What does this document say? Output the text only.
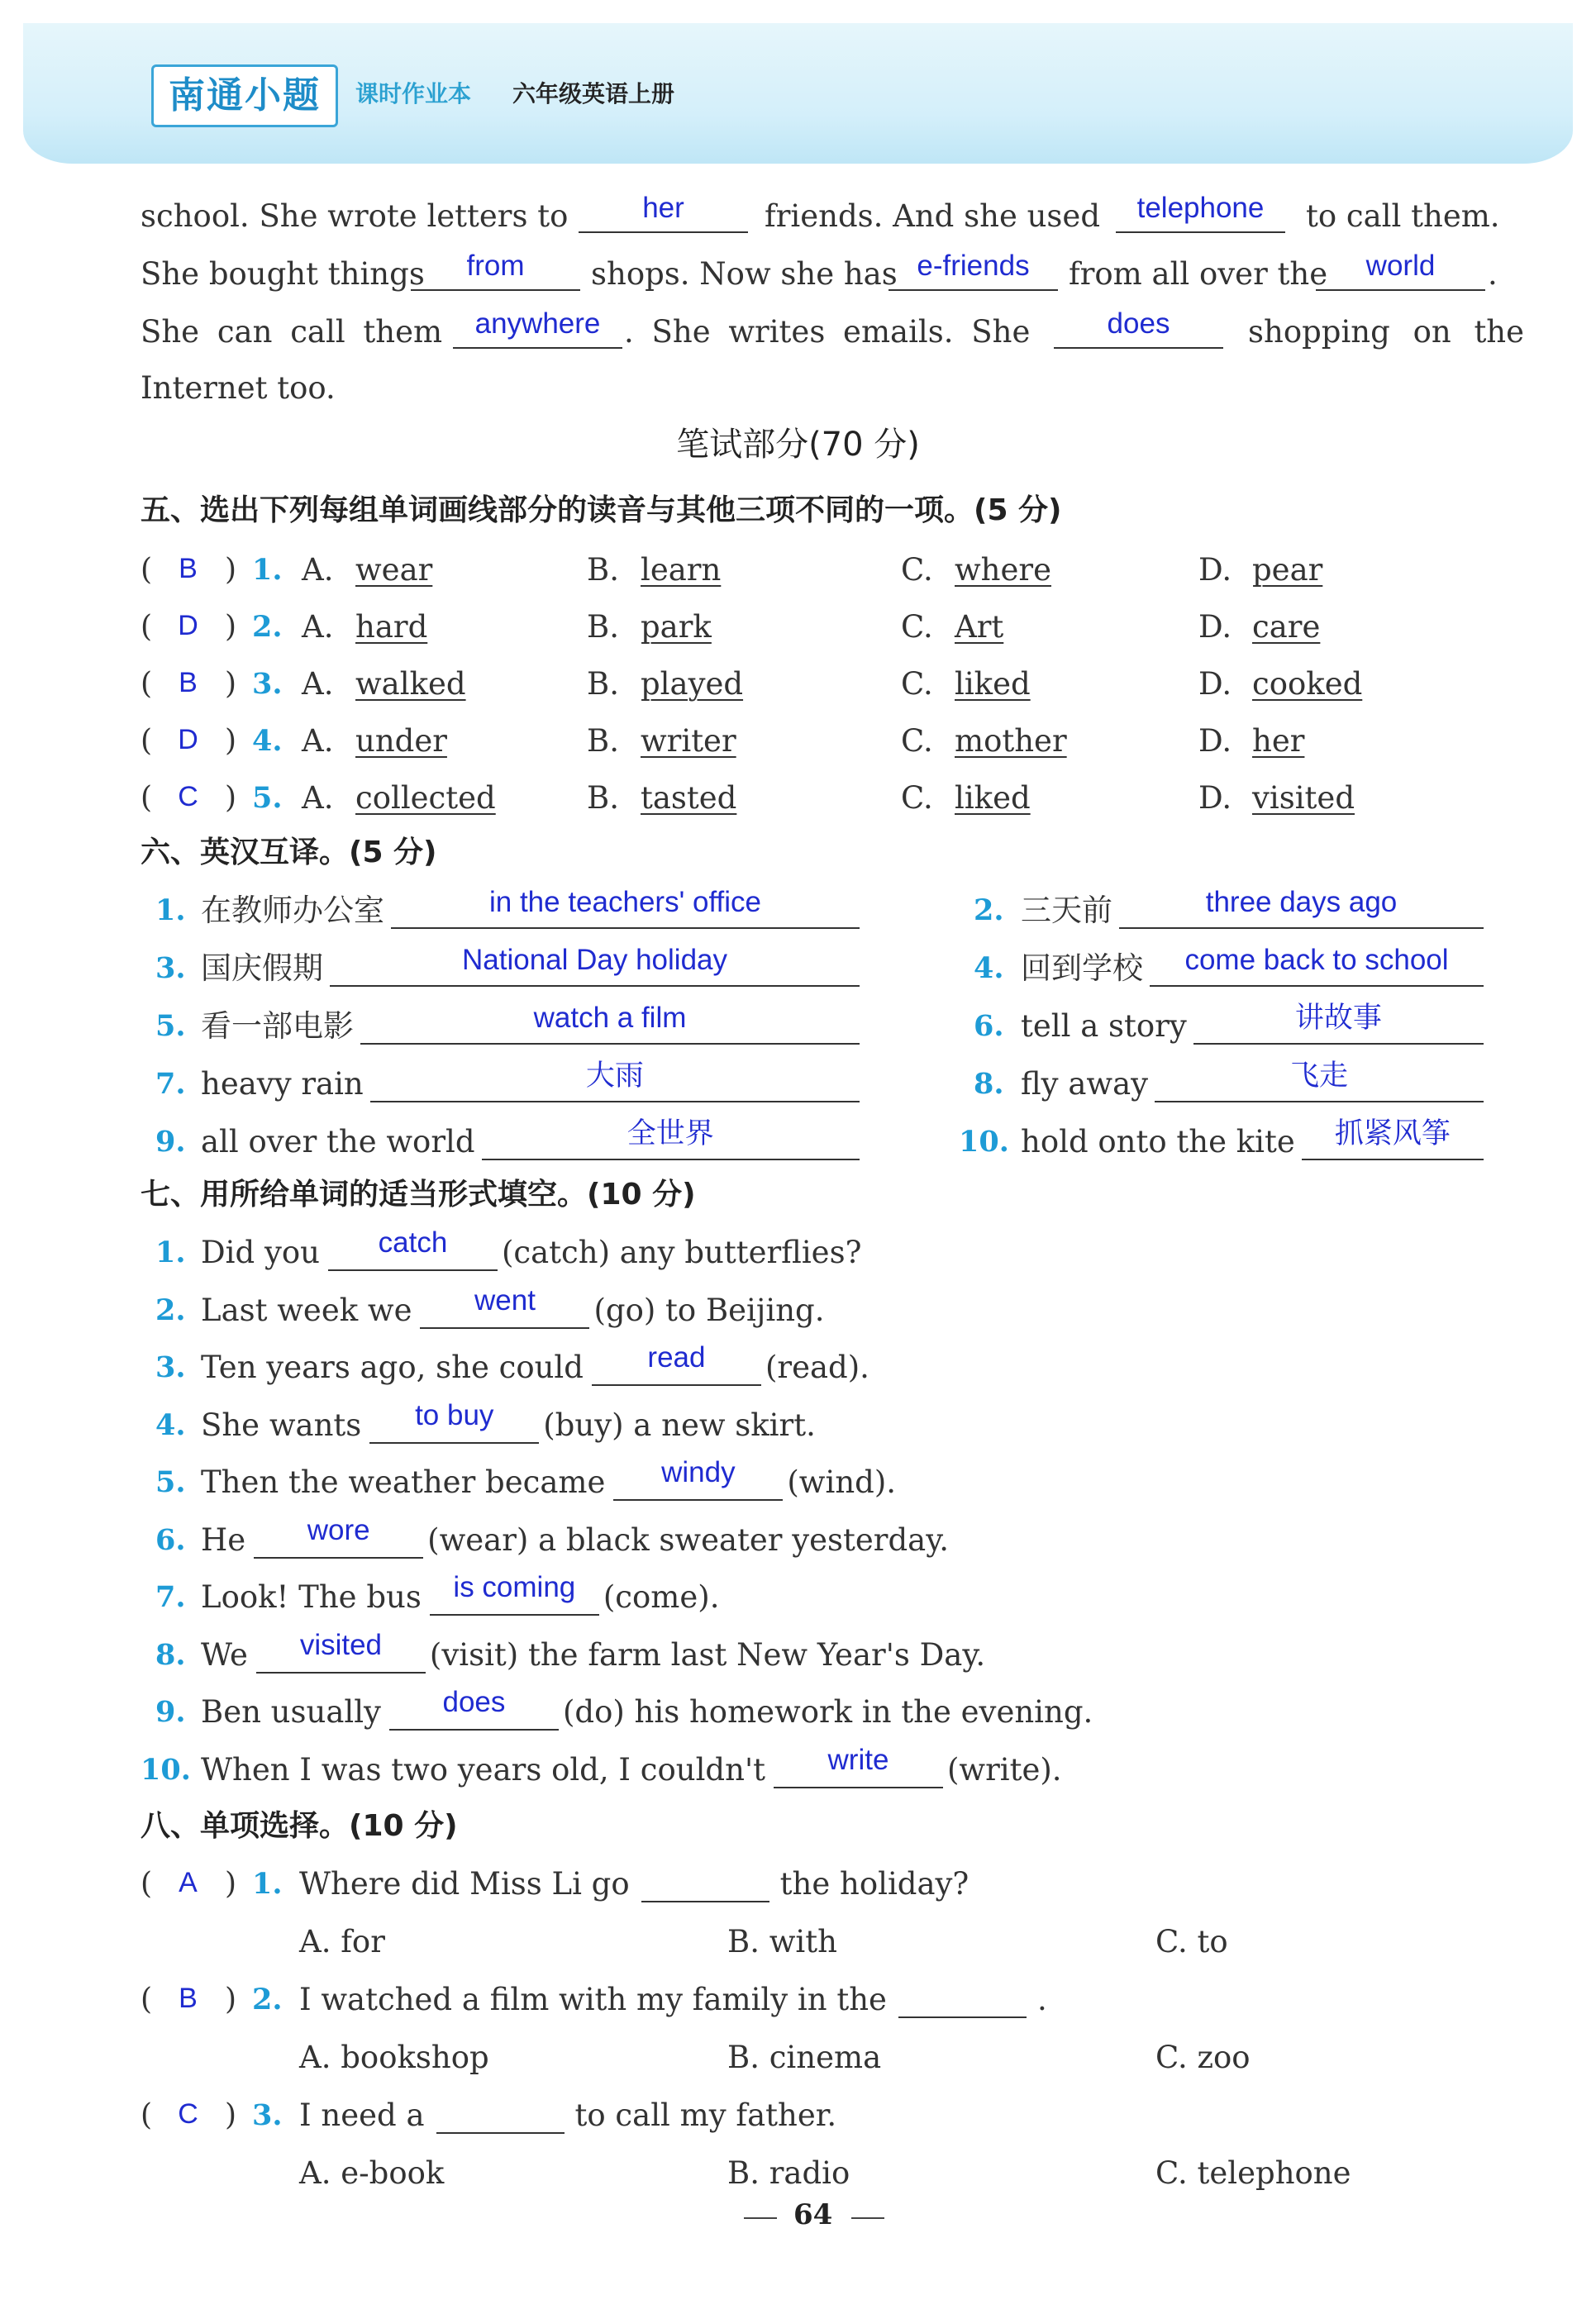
南通小题	课时作业本 六年级英语上册
school. She wrote letters to	her	friends. And she used	telephone	to call them.
She bought things	from	shops. Now she has e-friends	from all over the	world	.
She can call them	anywhere . She writes emails. She	does	shopping on the
Internet too.
笔试部分(70 分)
五、选出下列每组单词画线部分的读音与其他三项不同的一项。(5 分)
( B ) 1. A. wear	B. learn	C. where	D. pear
( D ) 2. A. hard	B. park	C. Art	D. care
( B ) 3. A. walked	B. played	C. liked	D. cooked
( D ) 4. A. under	B. writer	C. mother	D. her
( C ) 5. A. collected	B. tasted	C. liked	D. visited
六、英汉互译。(5 分)
1. 在教师办公室	in the teachers' office	2. 三天前	three days ago
3. 国庆假期	National Day holiday	4. 回到学校	come back to school
5. 看一部电影	watch a film	6. tell a story	讲故事
7. heavy rain	大雨	8. fly away	飞走
9. all over the world	全世界	10. hold onto the kite	抓紧风筝
七、用所给单词的适当形式填空。(10 分)
1. Did you	catch	(catch) any butterflies?
2. Last week we	went	(go) to Beijing.
3. Ten years ago, she could	read	(read).
4. She wants	to buy	(buy) a new skirt.
5. Then the weather became	windy	(wind).
6. He	wore	(wear) a black sweater yesterday.
7. Look! The bus	is coming (come).
8. We	visited	(visit) the farm last New Year's Day.
9. Ben usually	does	(do) his homework in the evening.
10. When I was two years old, I couldn't	write	(write).
八、单项选择。(10 分)
( A ) 1. Where did Miss Li go	the holiday?
A. for	B. with	C. to
( B ) 2. I watched a film with my family in the	.
A. bookshop	B. cinema	C. zoo
( C ) 3. I need a	to call my father.
A. e-book	B. radio	C. telephone
64
